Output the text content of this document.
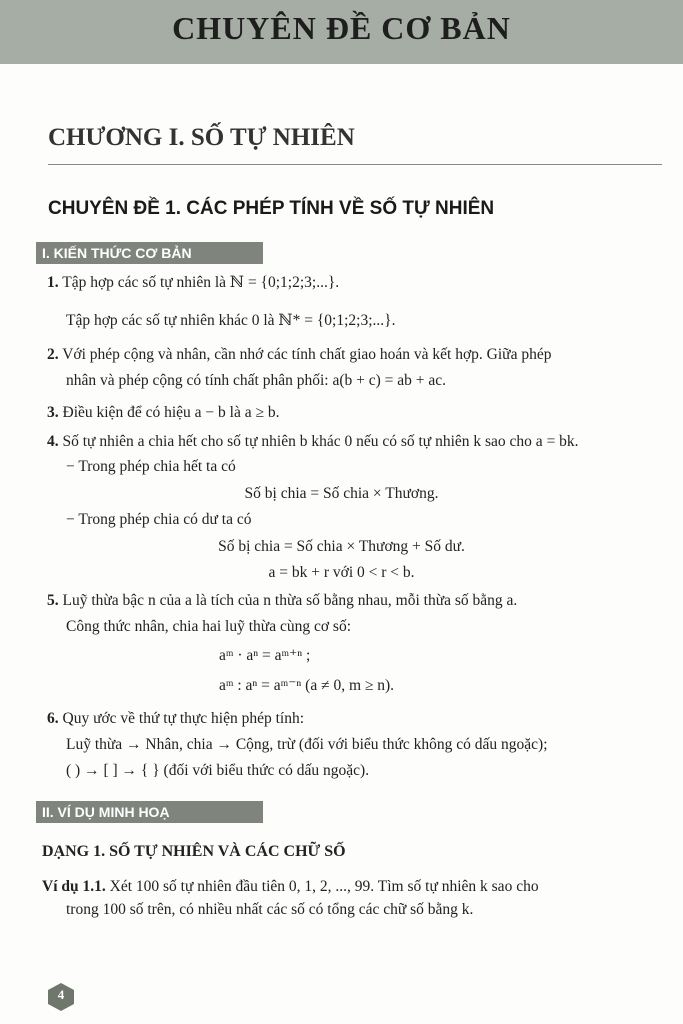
CHUYÊN ĐỀ CƠ BẢN
CHƯƠNG I. SỐ TỰ NHIÊN
CHUYÊN ĐỀ 1. CÁC PHÉP TÍNH VỀ SỐ TỰ NHIÊN
I. KIẾN THỨC CƠ BẢN
1. Tập hợp các số tự nhiên là ℕ = {0;1;2;3;...}.
Tập hợp các số tự nhiên khác 0 là ℕ* = {0;1;2;3;...}.
2. Với phép cộng và nhân, cần nhớ các tính chất giao hoán và kết hợp. Giữa phép
nhân và phép cộng có tính chất phân phối: a(b + c) = ab + ac.
3. Điều kiện để có hiệu a − b là a ≥ b.
4. Số tự nhiên a chia hết cho số tự nhiên b khác 0 nếu có số tự nhiên k sao cho a = bk.
− Trong phép chia hết ta có
Số bị chia = Số chia × Thương.
− Trong phép chia có dư ta có
Số bị chia = Số chia × Thương + Số dư.
a = bk + r với 0 < r < b.
5. Luỹ thừa bậc n của a là tích của n thừa số bằng nhau, mỗi thừa số bằng a.
Công thức nhân, chia hai luỹ thừa cùng cơ số:
aᵐ · aⁿ = aᵐ⁺ⁿ ;
aᵐ : aⁿ = aᵐ⁻ⁿ (a ≠ 0, m ≥ n).
6. Quy ước về thứ tự thực hiện phép tính:
Luỹ thừa → Nhân, chia → Cộng, trừ (đối với biểu thức không có dấu ngoặc);
( ) → [ ] → { } (đối với biểu thức có dấu ngoặc).
II. VÍ DỤ MINH HOẠ
DẠNG 1. SỐ TỰ NHIÊN VÀ CÁC CHỮ SỐ
Ví dụ 1.1. Xét 100 số tự nhiên đầu tiên 0, 1, 2, ..., 99. Tìm số tự nhiên k sao cho
trong 100 số trên, có nhiều nhất các số có tổng các chữ số bằng k.
4
